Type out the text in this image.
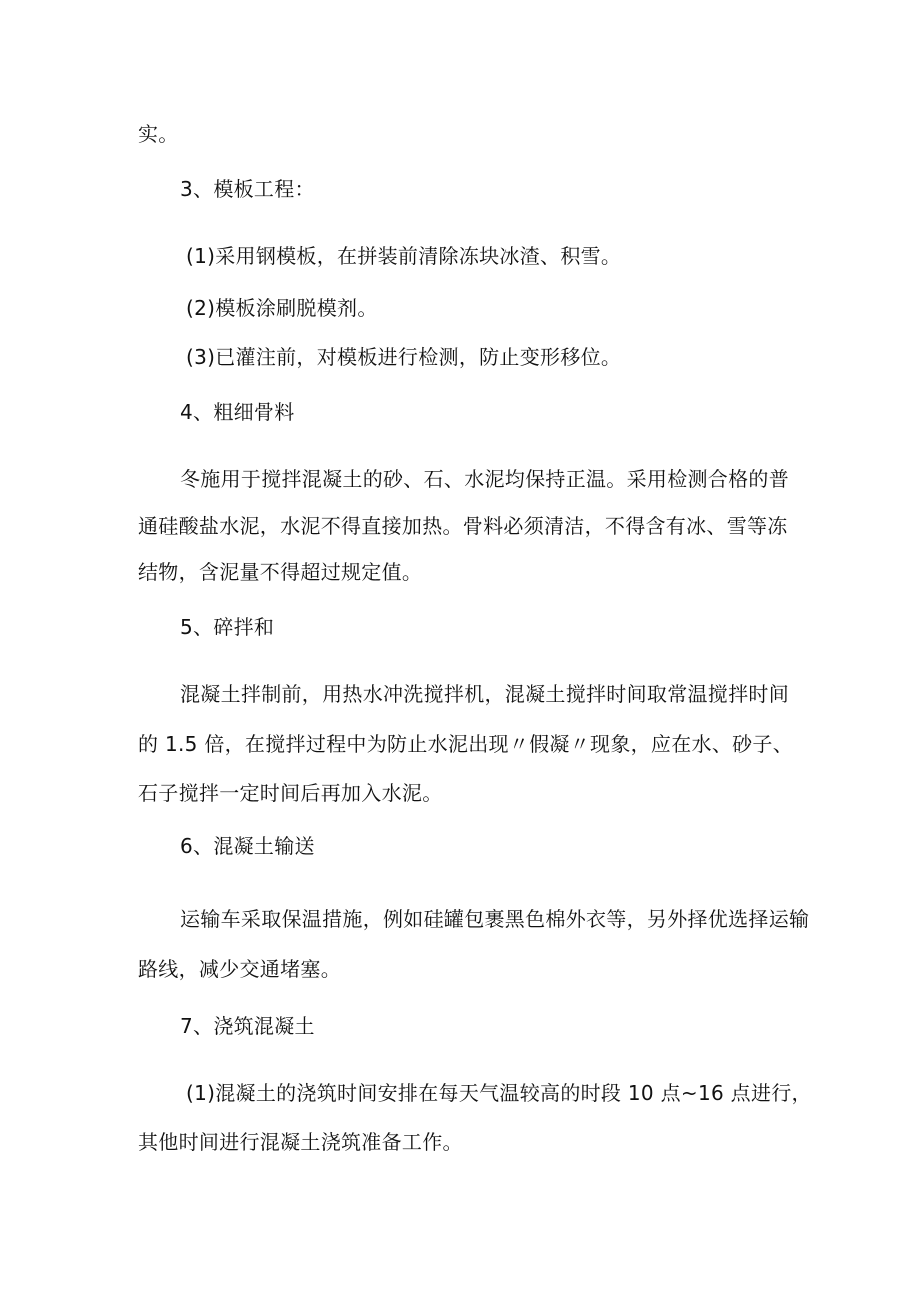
实。
3、模板工程：
(1)采用钢模板，在拼装前清除冻块冰渣、积雪。
(2)模板涂刷脱模剂。
(3)已灌注前，对模板进行检测，防止变形移位。
4、粗细骨料
冬施用于搅拌混凝土的砂、石、水泥均保持正温。采用检测合格的普
通硅酸盐水泥，水泥不得直接加热。骨料必须清洁，不得含有冰、雪等冻
结物，含泥量不得超过规定值。
5、碎拌和
混凝土拌制前，用热水冲洗搅拌机，混凝土搅拌时间取常温搅拌时间
的 1.5 倍，在搅拌过程中为防止水泥出现〃假凝〃现象，应在水、砂子、
石子搅拌一定时间后再加入水泥。
6、混凝土输送
运输车采取保温措施，例如硅罐包裹黑色棉外衣等，另外择优选择运输
路线，减少交通堵塞。
7、浇筑混凝土
(1)混凝土的浇筑时间安排在每天气温较高的时段 10 点~16 点进行，
其他时间进行混凝土浇筑准备工作。
